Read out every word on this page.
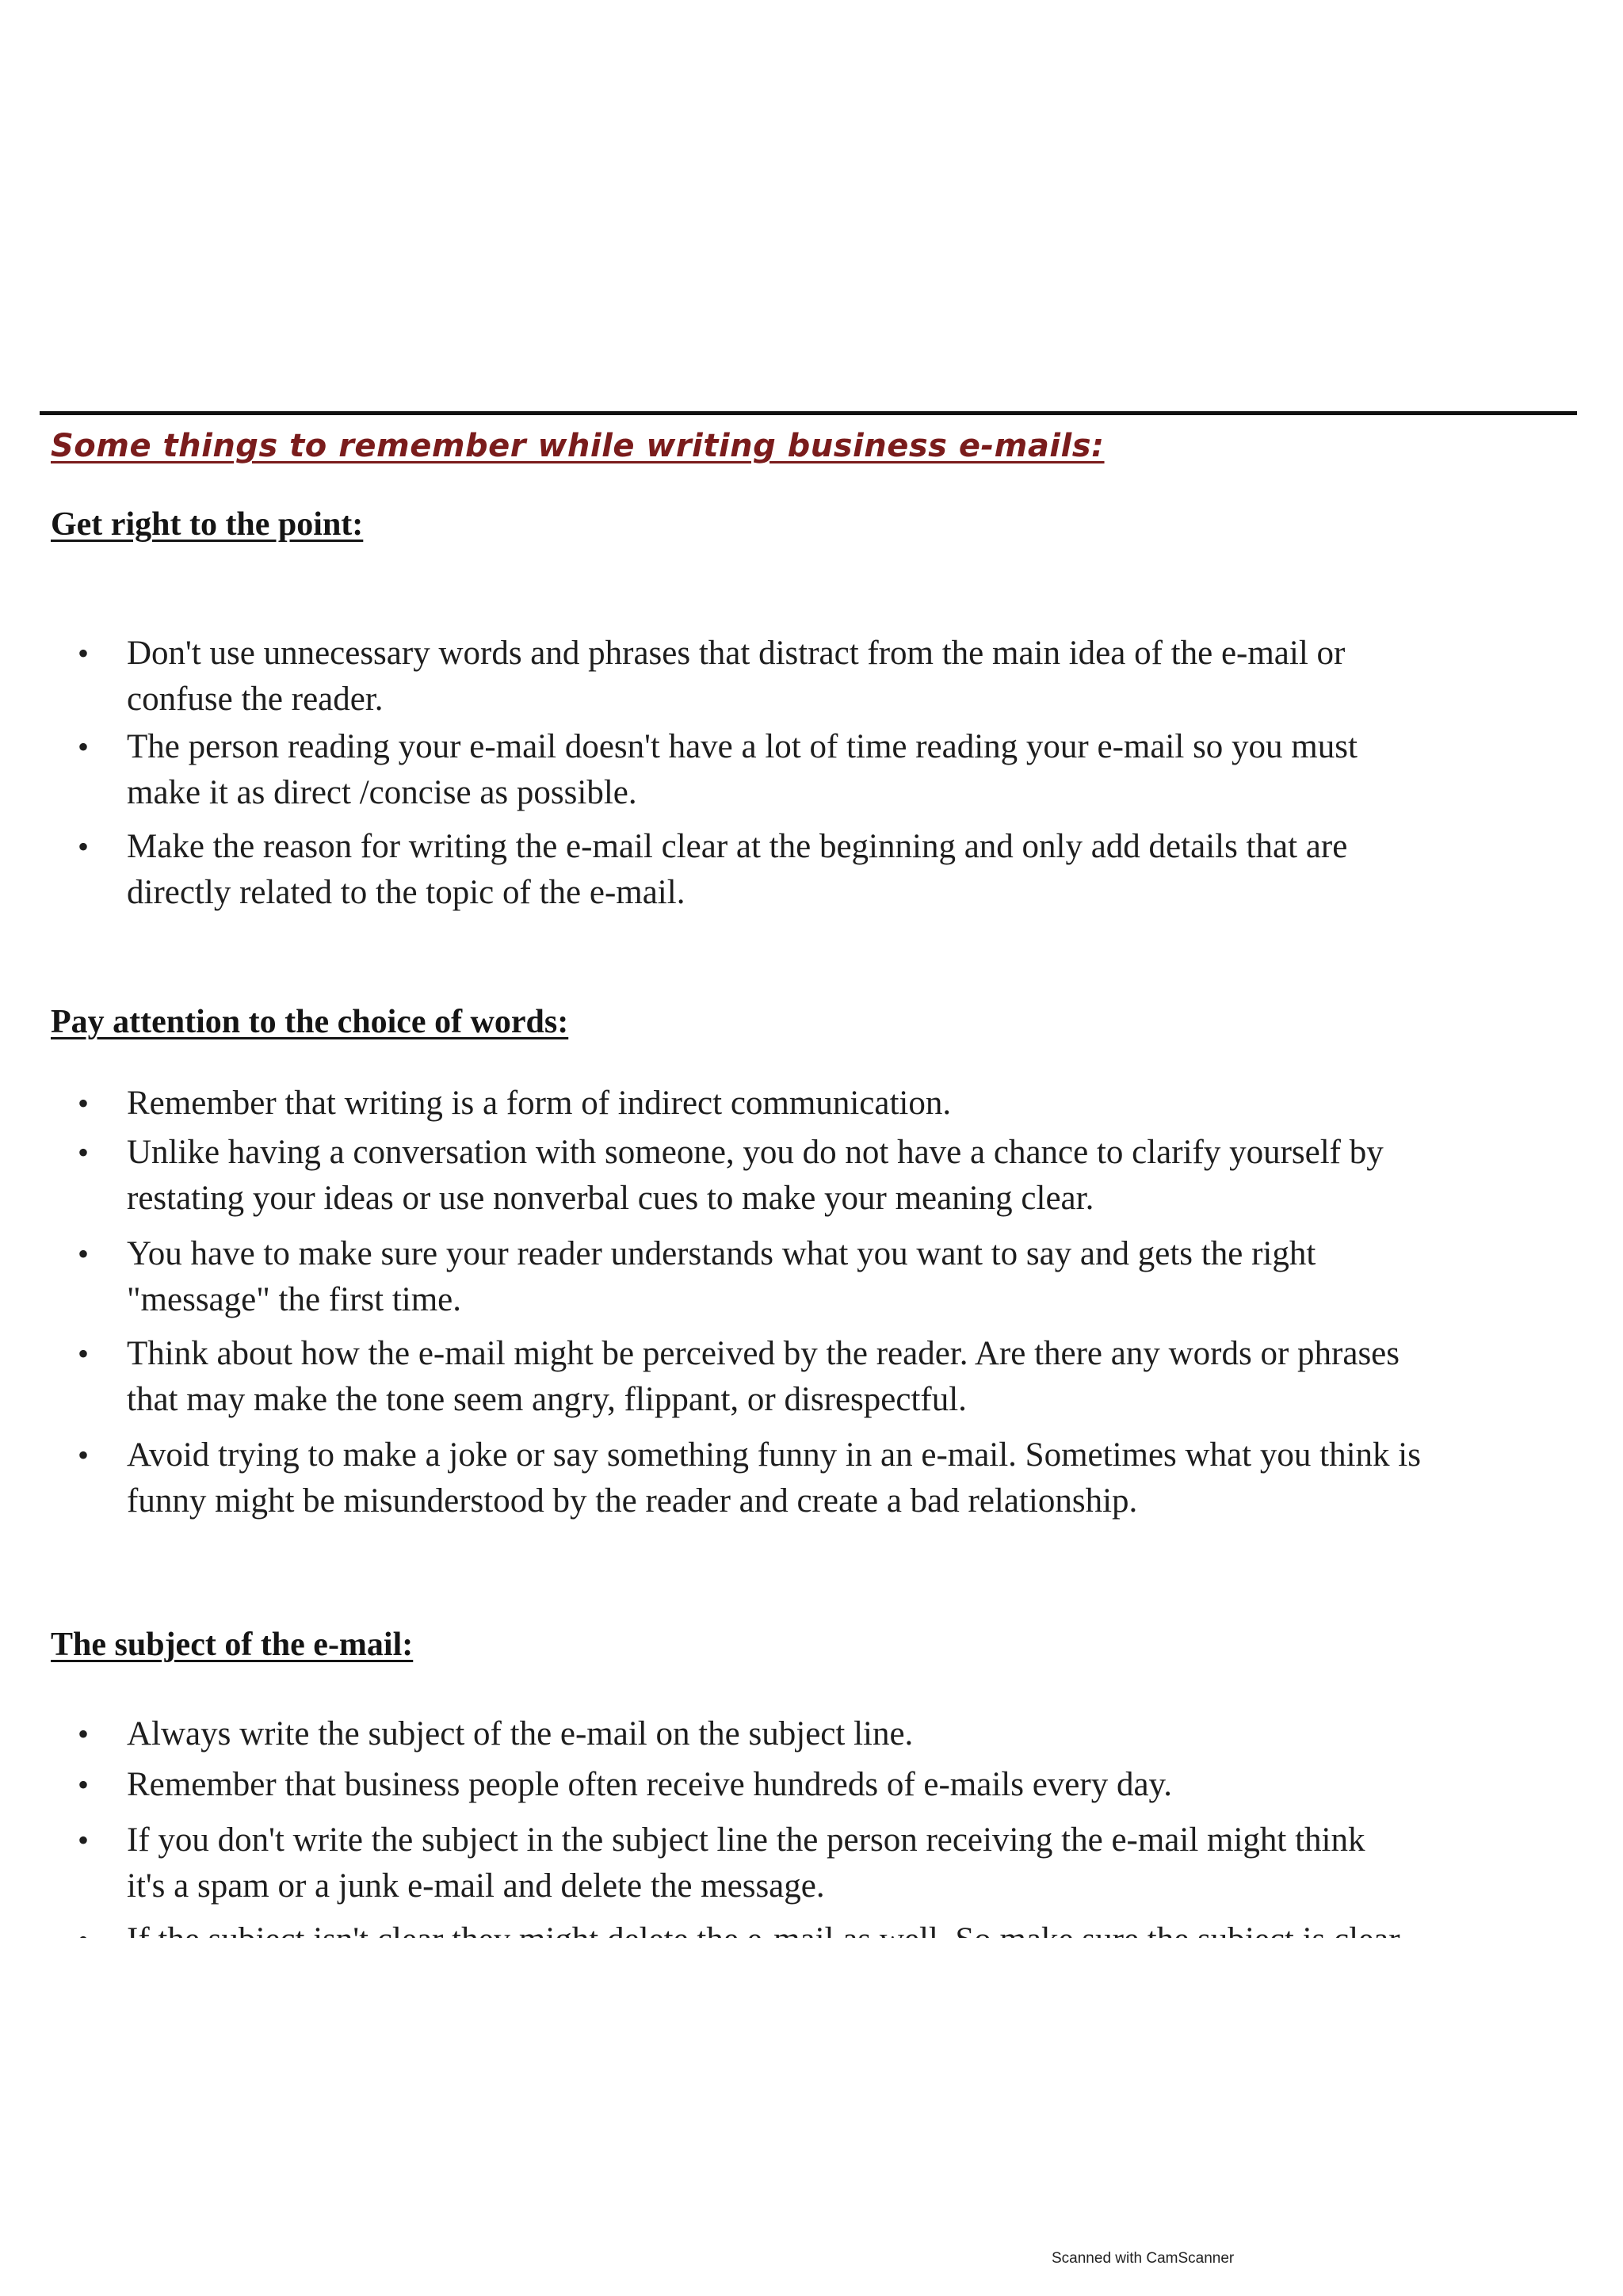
Some things to remember while writing business e-mails:
Get right to the point:
• Don't use unnecessary words and phrases that distract from the main idea of the e-mail or
confuse the reader.
• The person reading your e-mail doesn't have a lot of time reading your e-mail so you must
make it as direct /concise as possible.
• Make the reason for writing the e-mail clear at the beginning and only add details that are
directly related to the topic of the e-mail.
Pay attention to the choice of words:
• Remember that writing is a form of indirect communication.
• Unlike having a conversation with someone, you do not have a chance to clarify yourself by
restating your ideas or use nonverbal cues to make your meaning clear.
• You have to make sure your reader understands what you want to say and gets the right
"message" the first time.
• Think about how the e-mail might be perceived by the reader. Are there any words or phrases
that may make the tone seem angry, flippant, or disrespectful.
• Avoid trying to make a joke or say something funny in an e-mail. Sometimes what you think is
funny might be misunderstood by the reader and create a bad relationship.
The subject of the e-mail:
• Always write the subject of the e-mail on the subject line.
• Remember that business people often receive hundreds of e-mails every day.
• If you don't write the subject in the subject line the person receiving the e-mail might think
it's a spam or a junk e-mail and delete the message.
Scanned with CamScanner
